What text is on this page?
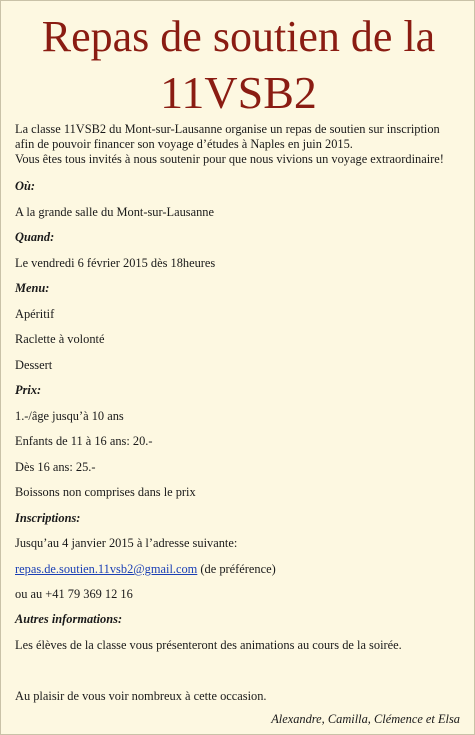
Repas de soutien de la
11VSB2
La classe 11VSB2 du Mont-sur-Lausanne organise un repas de soutien sur inscription
afin de pouvoir financer son voyage d’études à Naples en juin 2015.
Vous êtes tous invités à nous soutenir pour que nous vivions un voyage extraordinaire!
Où:
A la grande salle du Mont-sur-Lausanne
Quand:
Le vendredi 6 février 2015 dès 18heures
Menu:
Apéritif
Raclette à volonté
Dessert
Prix:
1.-/âge jusqu’à 10 ans
Enfants de 11 à 16 ans: 20.-
Dès 16 ans: 25.-
Boissons non comprises dans le prix
Inscriptions:
Jusqu’au 4 janvier 2015 à l’adresse suivante:
repas.de.soutien.11vsb2@gmail.com (de préférence)
ou au +41 79 369 12 16
Autres informations:
Les élèves de la classe vous présenteront des animations au cours de la soirée.
Au plaisir de vous voir nombreux à cette occasion.
Alexandre, Camilla, Clémence et Elsa
